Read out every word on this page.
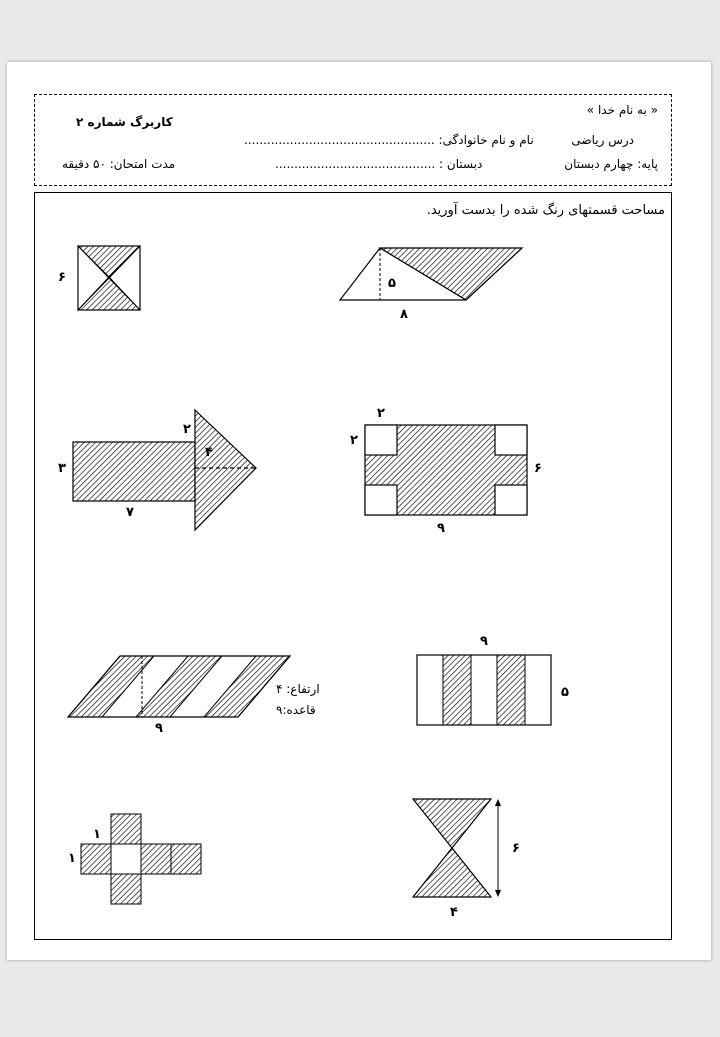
« به نام خدا »
کاربرگ شماره ۲
درس ریاضی
نام و نام خانوادگی: ..................................................
مدت امتحان: ۵۰ دقیقه	پایه: چهارم دبستان
دبستان : ..........................................
مساحت قسمتهای رنگ شده را بدست آورید.
۶	۵
۸
۲
۴
۳
۷
۲
۲
۶
۹
ارتفاع: ۴
قاعده:۹
۹
۹
۵
۱
۱
۶
۴
